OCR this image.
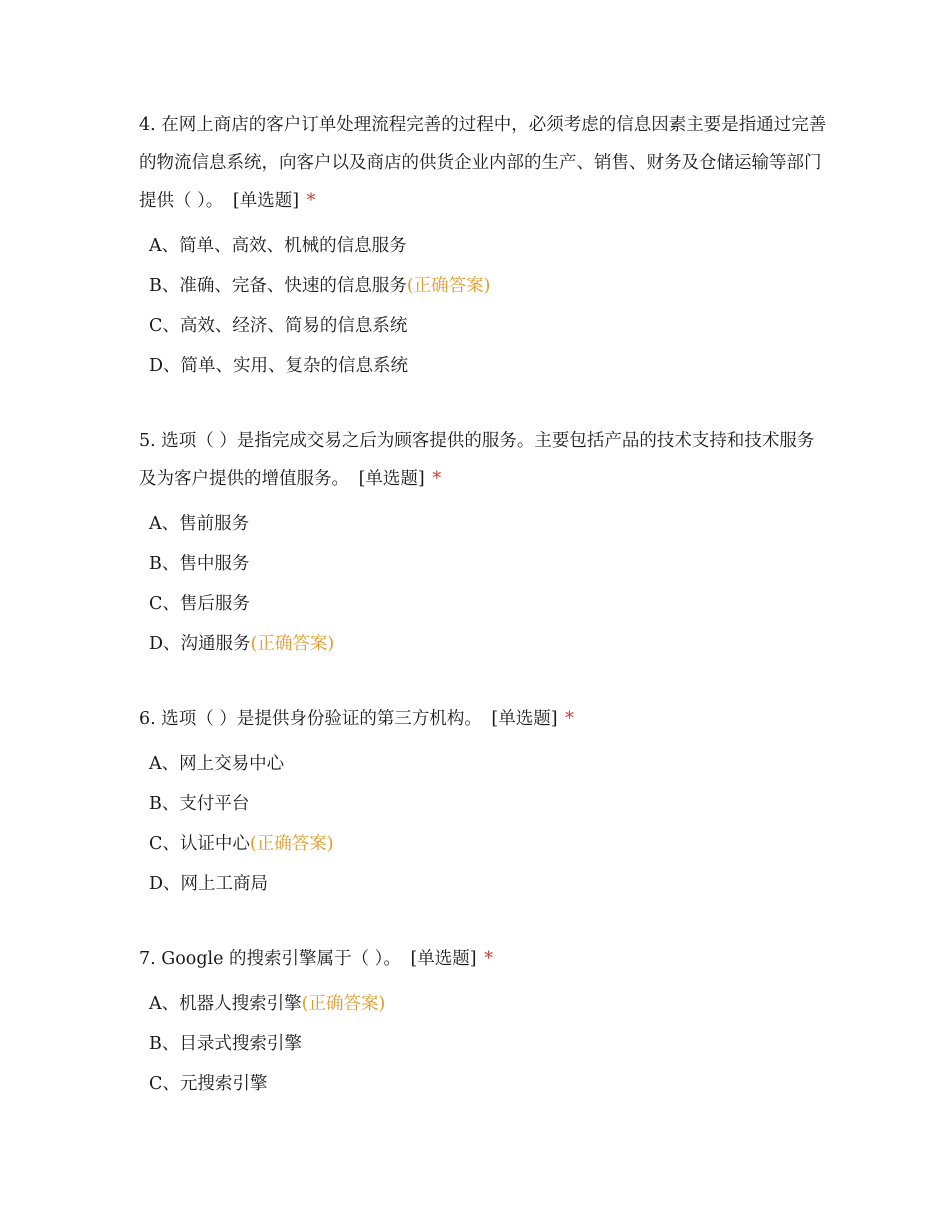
4. 在网上商店的客户订单处理流程完善的过程中，必须考虑的信息因素主要是指通过完善的物流信息系统，向客户以及商店的供货企业内部的生产、销售、财务及仓储运输等部门提供（ ）。 [单选题] *

A、简单、高效、机械的信息服务
B、准确、完备、快速的信息服务(正确答案)
C、高效、经济、简易的信息系统
D、简单、实用、复杂的信息系统

5. 选项（ ）是指完成交易之后为顾客提供的服务。主要包括产品的技术支持和技术服务及为客户提供的增值服务。 [单选题] *

A、售前服务
B、售中服务
C、售后服务
D、沟通服务(正确答案)

6. 选项（ ）是提供身份验证的第三方机构。 [单选题] *

A、网上交易中心
B、支付平台
C、认证中心(正确答案)
D、网上工商局

7. Google 的搜索引擎属于（ ）。 [单选题] *

A、机器人搜索引擎(正确答案)
B、目录式搜索引擎
C、元搜索引擎
